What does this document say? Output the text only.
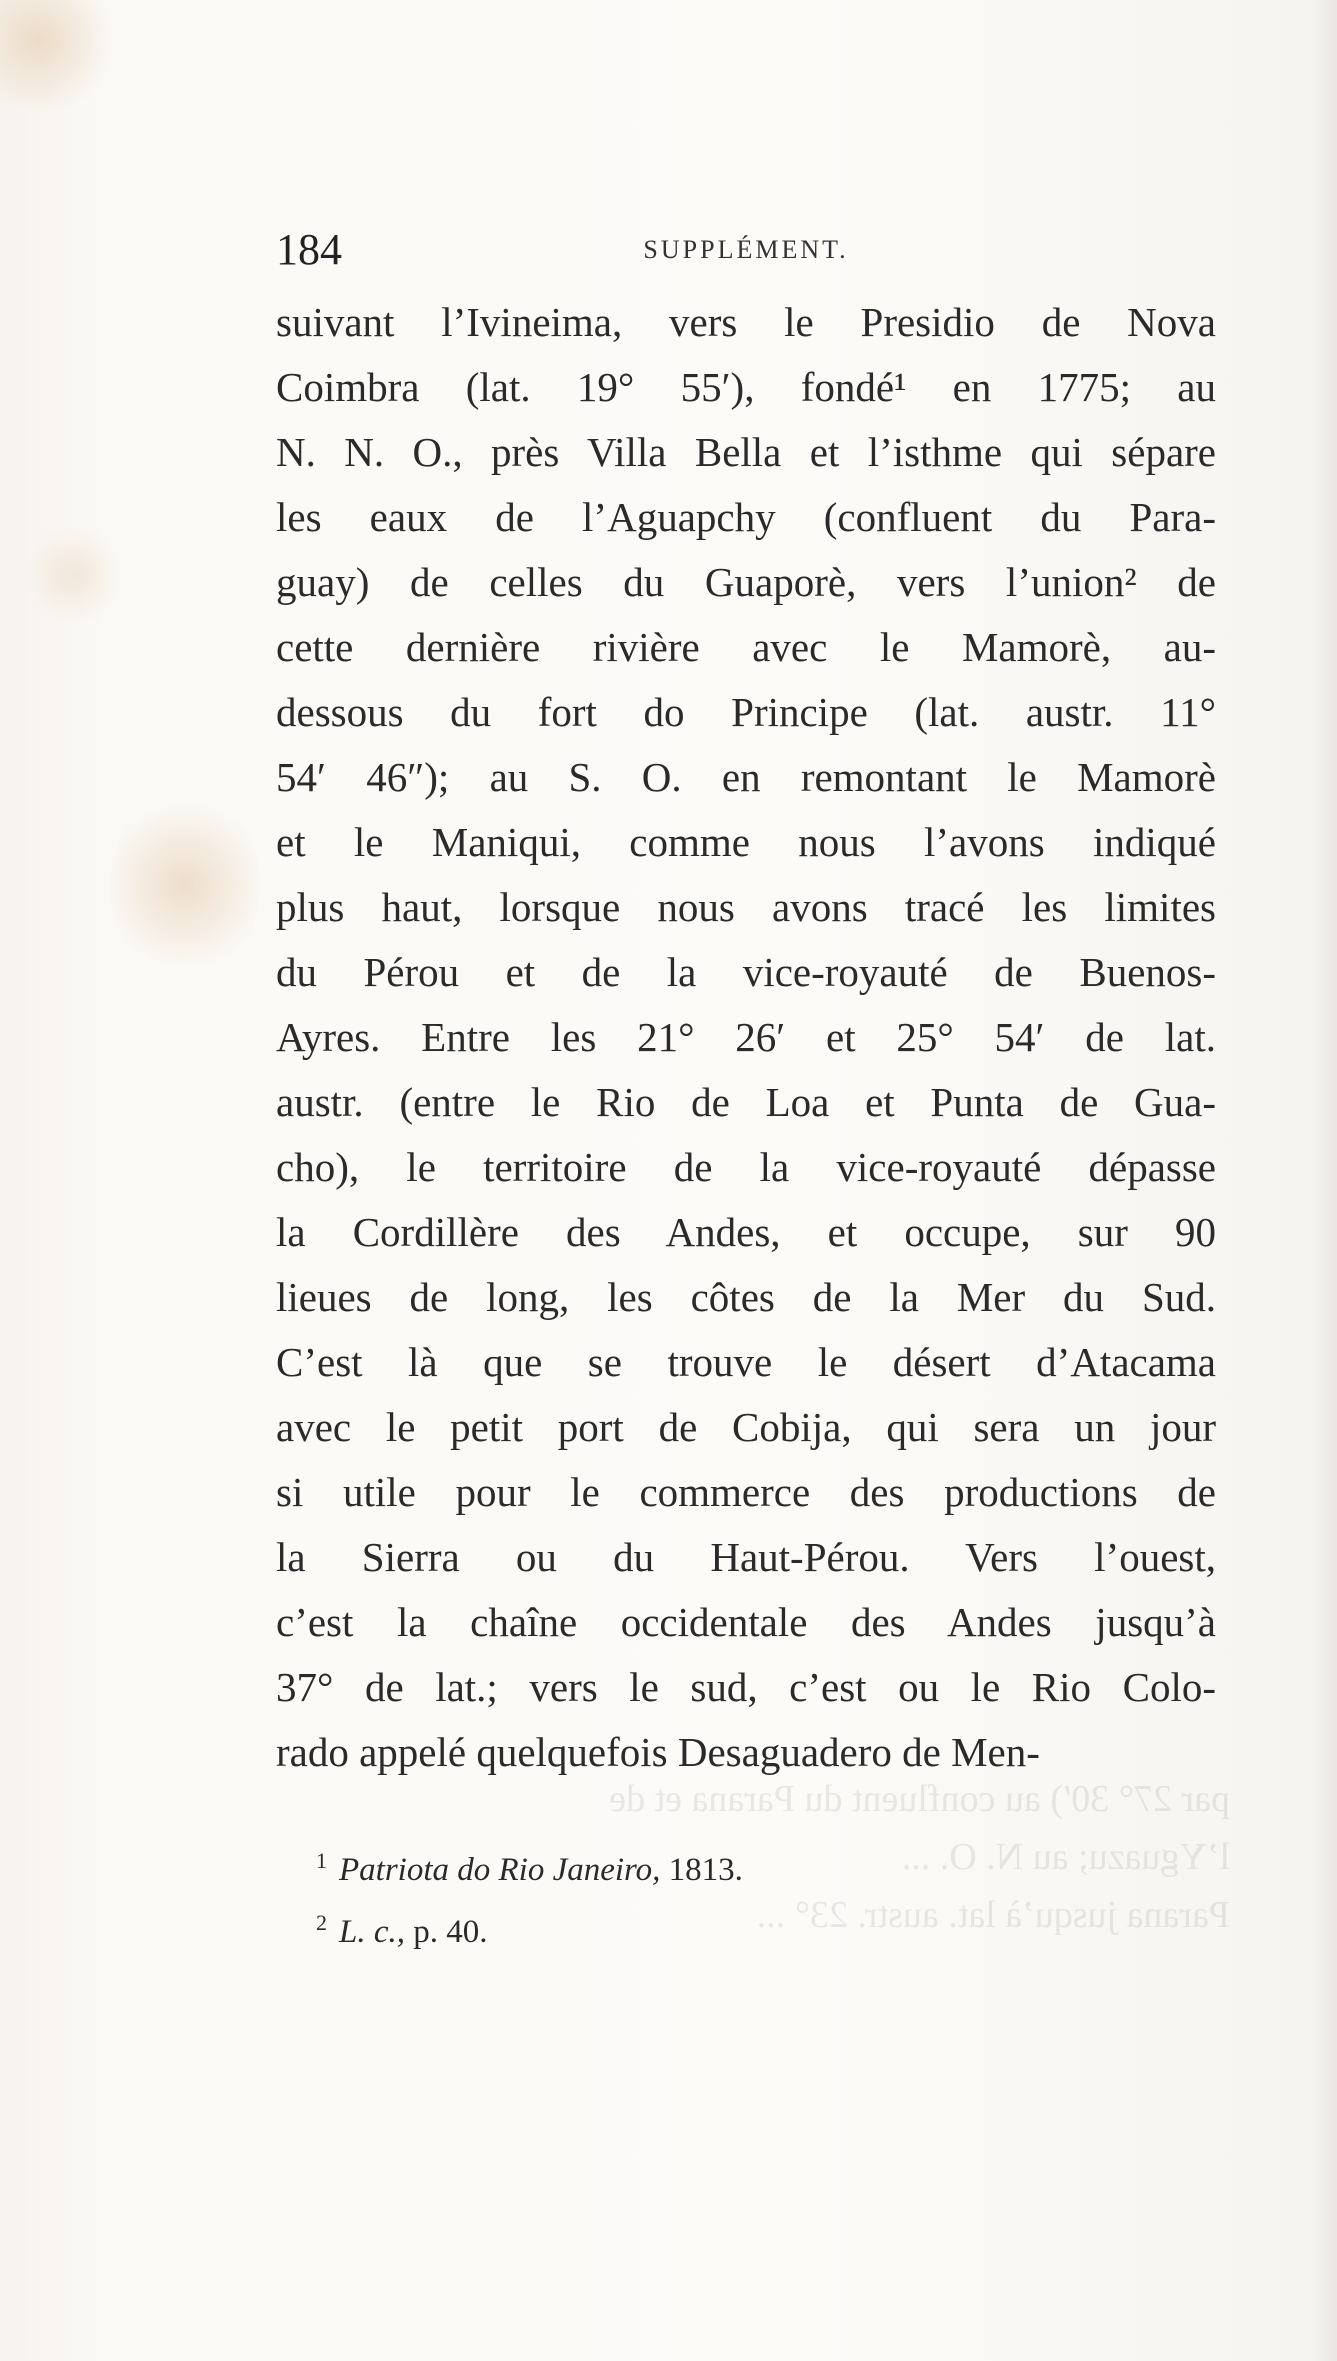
par 27° 30′) au confluent du Parana et de
l’Yguazu; au N. O. ...
Parana jusqu’à lat. austr. 23° ...
184	SUPPLÉMENT.
suivant l’Ivineima, vers le Presidio de Nova
Coimbra (lat. 19° 55′), fondé¹ en 1775; au
N. N. O., près Villa Bella et l’isthme qui sépare
les eaux de l’Aguapchy (confluent du Para-
guay) de celles du Guaporè, vers l’union² de
cette dernière rivière avec le Mamorè, au-
dessous du fort do Principe (lat. austr. 11°
54′ 46″); au S. O. en remontant le Mamorè
et le Maniqui, comme nous l’avons indiqué
plus haut, lorsque nous avons tracé les limites
du Pérou et de la vice-royauté de Buenos-
Ayres. Entre les 21° 26′ et 25° 54′ de lat.
austr. (entre le Rio de Loa et Punta de Gua-
cho), le territoire de la vice-royauté dépasse
la Cordillère des Andes, et occupe, sur 90
lieues de long, les côtes de la Mer du Sud.
C’est là que se trouve le désert d’Atacama
avec le petit port de Cobija, qui sera un jour
si utile pour le commerce des productions de
la Sierra ou du Haut-Pérou. Vers l’ouest,
c’est la chaîne occidentale des Andes jusqu’à
37° de lat.; vers le sud, c’est ou le Rio Colo-
rado appelé quelquefois Desaguadero de Men-
$^1$ Patriota do Rio Janeiro, 1813.
$^2$ L. c., p. 40.
